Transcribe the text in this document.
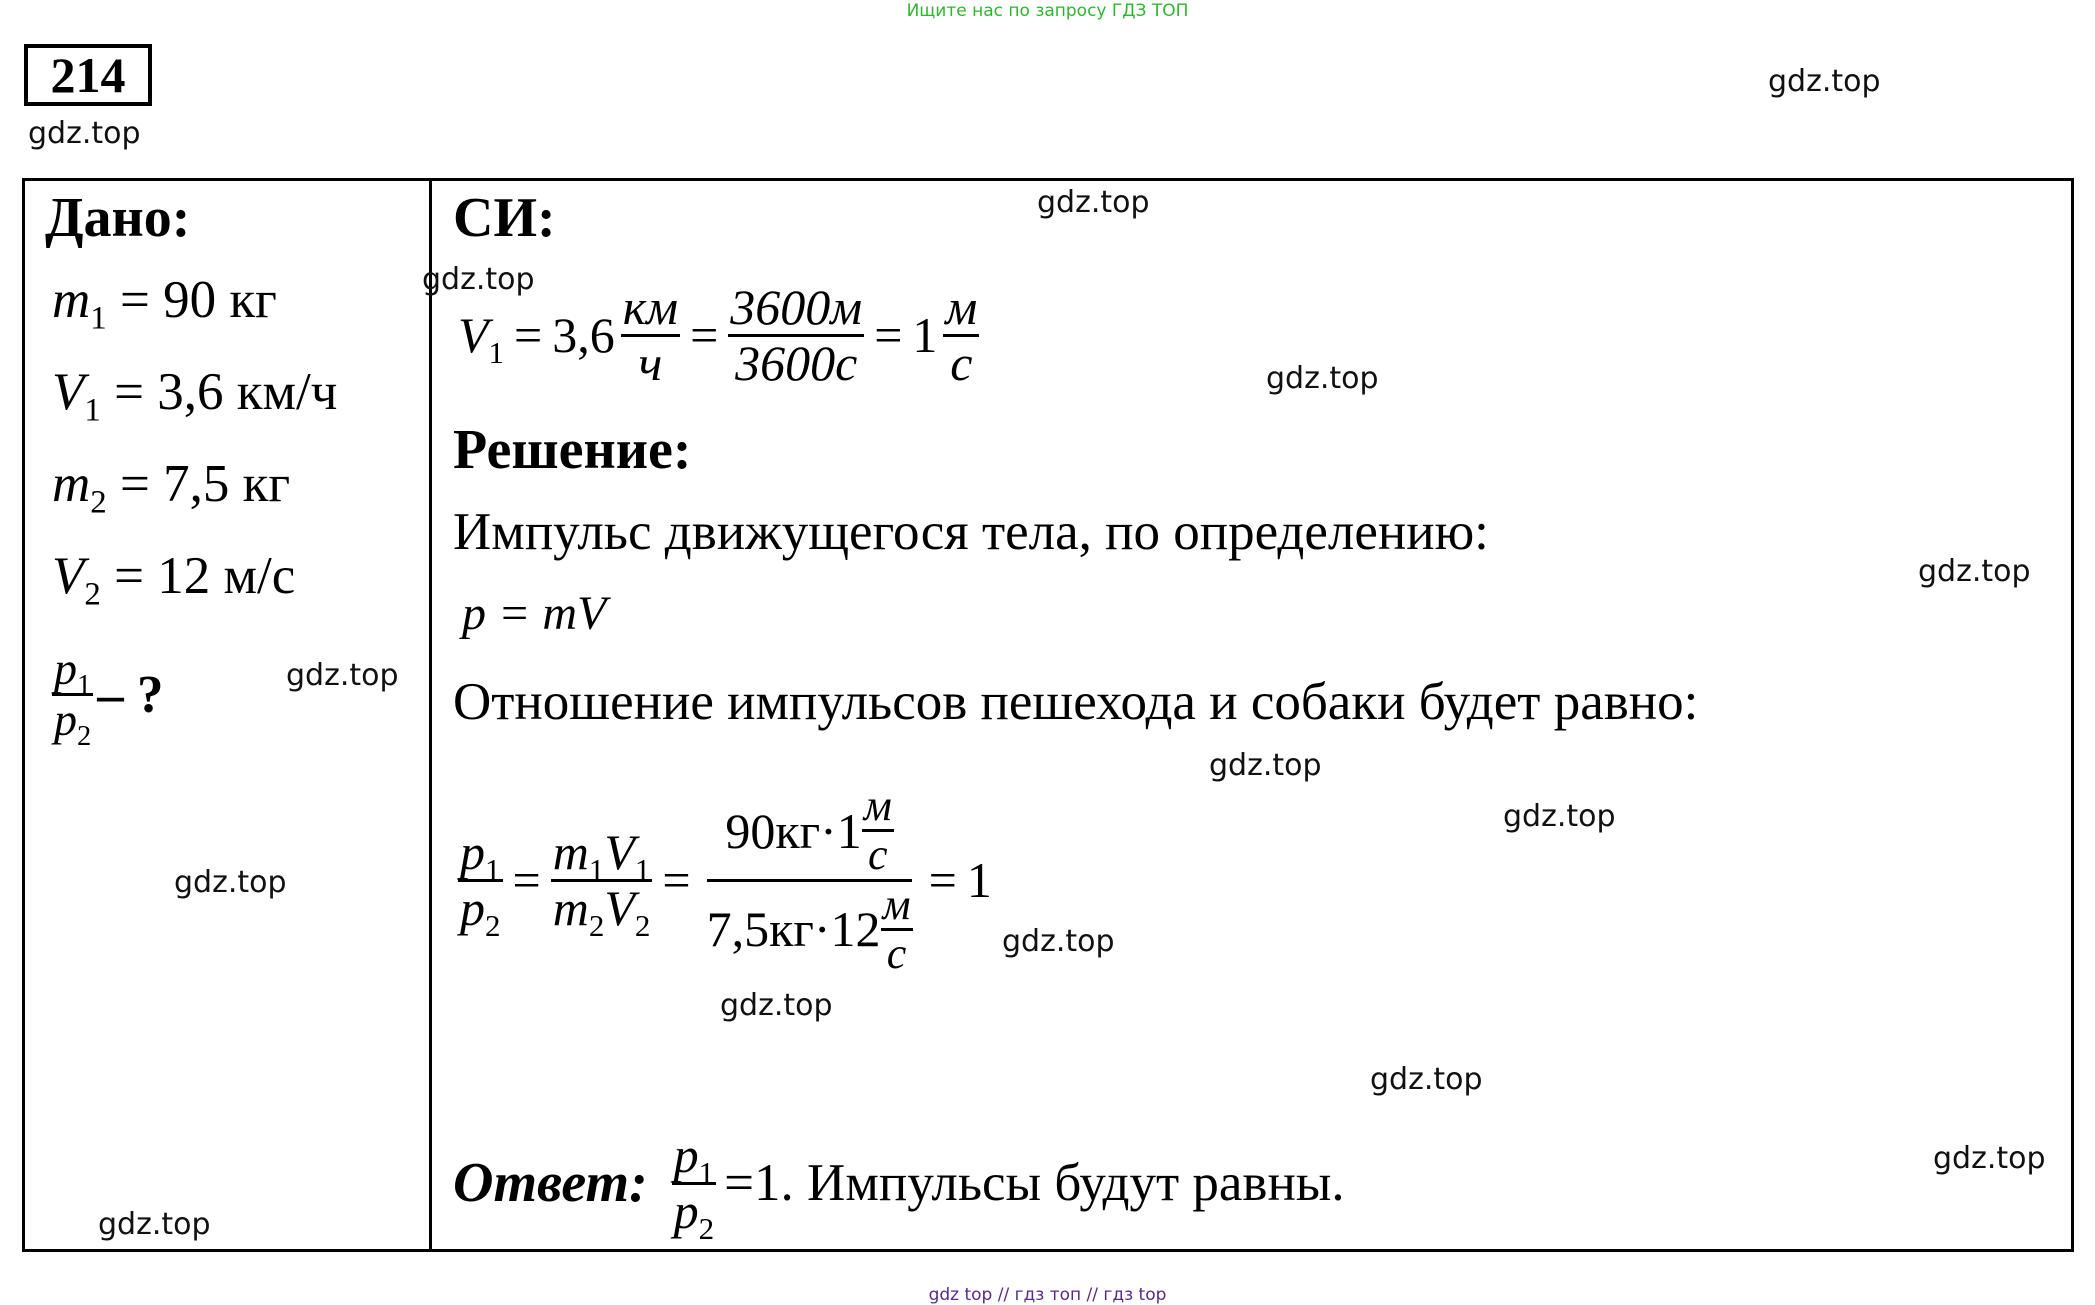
Ищите нас по запросу ГДЗ ТОП
214
Дано:
$m_1 = 90$ кг
$V_1 = 3,6$ км/ч
$m_2 = 7,5$ кг
$V_2 = 12$ м/с
$\frac{p_1}{p_2}$ – ?
СИ:
$V_1 = 3,6 \frac{км}{ч} = \frac{3600м}{3600с} = 1 \frac{м}{с}$
Решение:
Импульс движущегося тела, по определению:
p = mV
Отношение импульсов пешехода и собаки будет равно:
$\frac{p_1}{p_2} = \frac{m_1V_1}{m_2V_2} = \frac{90кг\cdot 1 \frac{м}{с}}{7,5кг\cdot 12 \frac{м}{с}} = 1$
Ответ: $\frac{p_1}{p_2} =1$. Импульсы будут равны.
gdz.top
gdz.top
gdz.top
gdz.top
gdz.top
gdz.top
gdz.top
gdz.top
gdz.top
gdz.top
gdz.top
gdz.top
gdz.top
gdz.top
gdz.top
gdz top // гдз топ // гдз top
